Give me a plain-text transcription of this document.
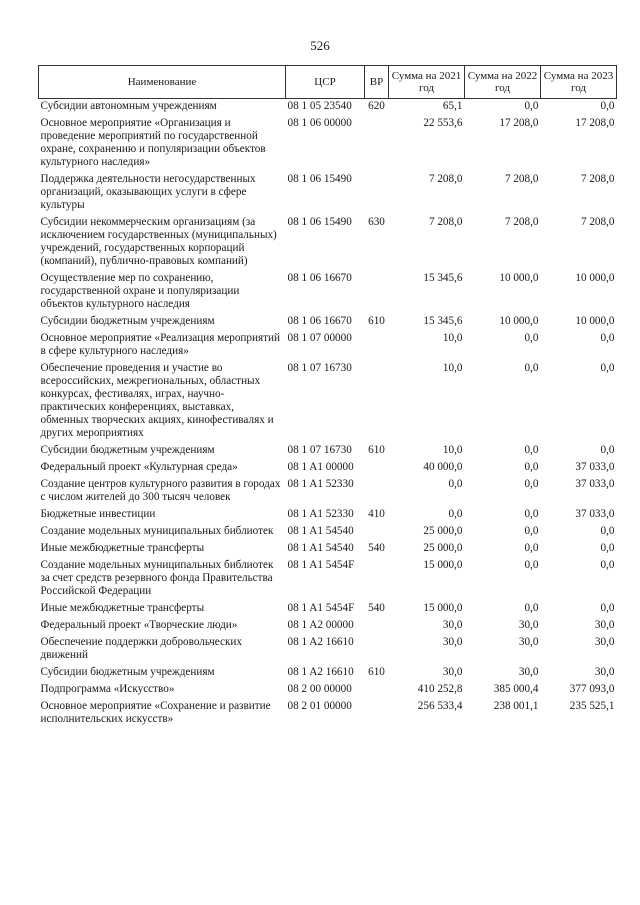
526
Наименование	ЦСР	ВР	Сумма на 2021 год	Сумма на 2022 год	Сумма на 2023 год
Субсидии автономным учреждениям	08 1 05 23540	620	65,1	0,0	0,0
Основное мероприятие «Организация и проведение мероприятий по государственной охране, сохранению и популяризации объектов культурного наследия»	08 1 06 00000		22 553,6	17 208,0	17 208,0
Поддержка деятельности негосударственных организаций, оказывающих услуги в сфере культуры	08 1 06 15490		7 208,0	7 208,0	7 208,0
Субсидии некоммерческим организациям (за исключением государственных (муниципальных) учреждений, государственных корпораций (компаний), публично-правовых компаний)	08 1 06 15490	630	7 208,0	7 208,0	7 208,0
Осуществление мер по сохранению, государственной охране и популяризации объектов культурного наследия	08 1 06 16670		15 345,6	10 000,0	10 000,0
Субсидии бюджетным учреждениям	08 1 06 16670	610	15 345,6	10 000,0	10 000,0
Основное мероприятие «Реализация мероприятий в сфере культурного наследия»	08 1 07 00000		10,0	0,0	0,0
Обеспечение проведения и участие во всероссийских, межрегиональных, областных конкурсах, фестивалях, играх, научно-практических конференциях, выставках, обменных творческих акциях, кинофестивалях и других мероприятиях	08 1 07 16730		10,0	0,0	0,0
Субсидии бюджетным учреждениям	08 1 07 16730	610	10,0	0,0	0,0
Федеральный проект «Культурная среда»	08 1 A1 00000		40 000,0	0,0	37 033,0
Создание центров культурного развития в городах с числом жителей до 300 тысяч человек	08 1 A1 52330		0,0	0,0	37 033,0
Бюджетные инвестиции	08 1 A1 52330	410	0,0	0,0	37 033,0
Создание модельных муниципальных библиотек	08 1 A1 54540		25 000,0	0,0	0,0
Иные межбюджетные трансферты	08 1 A1 54540	540	25 000,0	0,0	0,0
Создание модельных муниципальных библиотек за счет средств резервного фонда Правительства Российской Федерации	08 1 A1 5454F		15 000,0	0,0	0,0
Иные межбюджетные трансферты	08 1 A1 5454F	540	15 000,0	0,0	0,0
Федеральный проект «Творческие люди»	08 1 A2 00000		30,0	30,0	30,0
Обеспечение поддержки добровольческих движений	08 1 A2 16610		30,0	30,0	30,0
Субсидии бюджетным учреждениям	08 1 A2 16610	610	30,0	30,0	30,0
Подпрограмма «Искусство»	08 2 00 00000		410 252,8	385 000,4	377 093,0
Основное мероприятие «Сохранение и развитие исполнительских искусств»	08 2 01 00000		256 533,4	238 001,1	235 525,1
